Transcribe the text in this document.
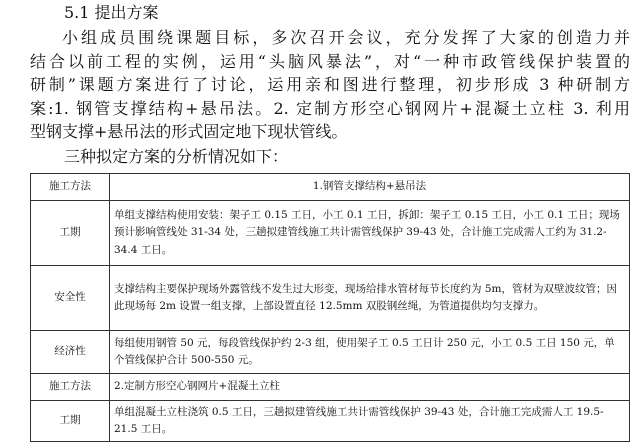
5.1 提出方案
小组成员围绕课题目标，多次召开会议，充分发挥了大家的创造力并
结合以前工程的实例，运用“头脑风暴法”，对“一种市政管线保护装置的
研制”课题方案进行了讨论，运用亲和图进行整理，初步形成 3 种研制方
案:1. 钢管支撑结构+悬吊法。2. 定制方形空心钢网片+混凝土立柱 3. 利用
型钢支撑+悬吊法的形式固定地下现状管线。
三种拟定方案的分析情况如下：
施工方法	1.钢管支撑结构+悬吊法
工期	单组支撑结构使用安装：架子工 0.15 工日，小工 0.1 工日，拆卸：架子工 0.15 工日，小工 0.1 工日；现场预计影响管线处 31-34 处，三趟拟建管线施工共计需管线保护 39-43 处，合计施工完成需人工约为 31.2-34.4 工日。
安全性	支撑结构主要保护现场外露管线不发生过大形变，现场给排水管材每节长度约为 5m，管材为双壁波纹管；因此现场每 2m 设置一组支撑，上部设置直径 12.5mm 双股钢丝绳，为管道提供均匀支撑力。
经济性	每组使用钢管 50 元，每段管线保护约 2-3 组，使用架子工 0.5 工日计 250 元，小工 0.5 工日 150 元，单个管线保护合计 500-550 元。
施工方法	2.定制方形空心钢网片+混凝土立柱
工期	单组混凝土立柱浇筑 0.5 工日，三趟拟建管线施工共计需管线保护 39-43 处，合计施工完成需人工 19.5-21.5 工日。
